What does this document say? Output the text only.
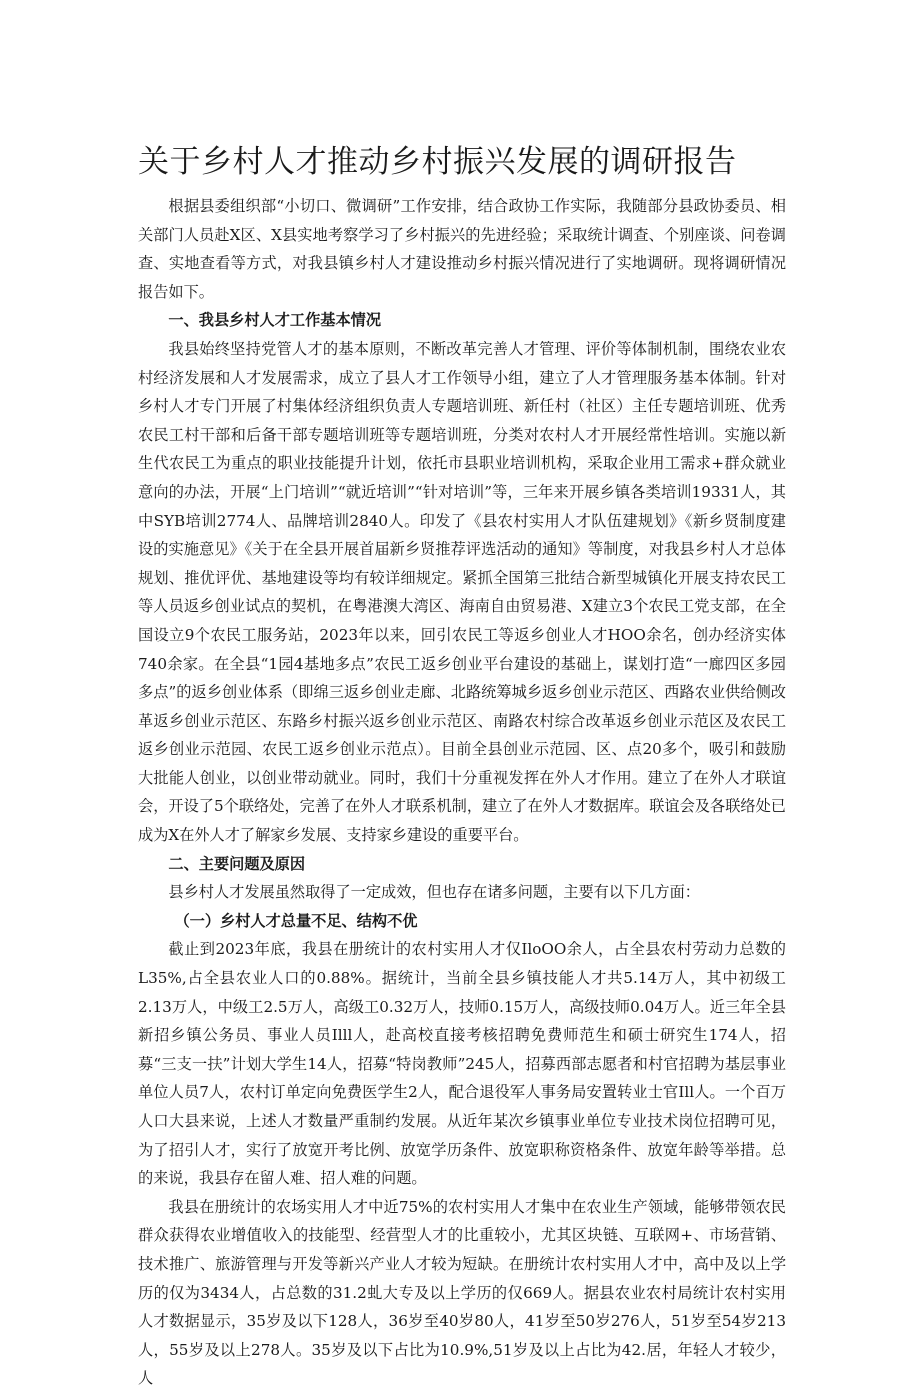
关于乡村人才推动乡村振兴发展的调研报告

根据县委组织部“小切口、微调研”工作安排，结合政协工作实际，我随部分县政协委员、相关部门人员赴X区、X县实地考察学习了乡村振兴的先进经验；采取统计调查、个别座谈、问卷调查、实地查看等方式，对我县镇乡村人才建设推动乡村振兴情况进行了实地调研。现将调研情况报告如下。

一、我县乡村人才工作基本情况

我县始终坚持党管人才的基本原则，不断改革完善人才管理、评价等体制机制，围绕农业农村经济发展和人才发展需求，成立了县人才工作领导小组，建立了人才管理服务基本体制。针对乡村人才专门开展了村集体经济组织负责人专题培训班、新任村（社区）主任专题培训班、优秀农民工村干部和后备干部专题培训班等专题培训班，分类对农村人才开展经常性培训。实施以新生代农民工为重点的职业技能提升计划，依托市县职业培训机构，采取企业用工需求+群众就业意向的办法，开展“上门培训”“就近培训”“针对培训”等，三年来开展乡镇各类培训19331人，其中SYB培训2774人、品牌培训2840人。印发了《县农村实用人才队伍建规划》《新乡贤制度建设的实施意见》《关于在全县开展首届新乡贤推荐评选活动的通知》等制度，对我县乡村人才总体规划、推优评优、基地建设等均有较详细规定。紧抓全国第三批结合新型城镇化开展支持农民工等人员返乡创业试点的契机，在粤港澳大湾区、海南自由贸易港、X建立3个农民工党支部，在全国设立9个农民工服务站，2023年以来，回引农民工等返乡创业人才HOO余名，创办经济实体740余家。在全县“1园4基地多点”农民工返乡创业平台建设的基础上，谋划打造“一廊四区多园多点”的返乡创业体系（即绵三返乡创业走廊、北路统筹城乡返乡创业示范区、西路农业供给侧改革返乡创业示范区、东路乡村振兴返乡创业示范区、南路农村综合改革返乡创业示范区及农民工返乡创业示范园、农民工返乡创业示范点）。目前全县创业示范园、区、点20多个，吸引和鼓励大批能人创业，以创业带动就业。同时，我们十分重视发挥在外人才作用。建立了在外人才联谊会，开设了5个联络处，完善了在外人才联系机制，建立了在外人才数据库。联谊会及各联络处已成为X在外人才了解家乡发展、支持家乡建设的重要平台。

二、主要问题及原因

县乡村人才发展虽然取得了一定成效，但也存在诸多问题，主要有以下几方面：

（一）乡村人才总量不足、结构不优

截止到2023年底，我县在册统计的农村实用人才仅IloOO余人，占全县农村劳动力总数的L35%,占全县农业人口的0.88%。据统计，当前全县乡镇技能人才共5.14万人，其中初级工2.13万人，中级工2.5万人，高级工0.32万人，技师0.15万人，高级技师0.04万人。近三年全县新招乡镇公务员、事业人员Illl人，赴高校直接考核招聘免费师范生和硕士研究生174人，招募“三支一扶”计划大学生14人，招募“特岗教师”245人，招募西部志愿者和村官招聘为基层事业单位人员7人，农村订单定向免费医学生2人，配合退役军人事务局安置转业士官Ill人。一个百万人口大县来说，上述人才数量严重制约发展。从近年某次乡镇事业单位专业技术岗位招聘可见，为了招引人才，实行了放宽开考比例、放宽学历条件、放宽职称资格条件、放宽年龄等举措。总的来说，我县存在留人难、招人难的问题。

我县在册统计的农场实用人才中近75%的农村实用人才集中在农业生产领域，能够带领农民群众获得农业增值收入的技能型、经营型人才的比重较小，尤其区块链、互联网+、市场营销、技术推广、旅游管理与开发等新兴产业人才较为短缺。在册统计农村实用人才中，高中及以上学历的仅为3434人，占总数的31.2虬大专及以上学历的仅669人。据县农业农村局统计农村实用人才数据显示，35岁及以下128人，36岁至40岁80人，41岁至50岁276人，51岁至54岁213人，55岁及以上278人。35岁及以下占比为10.9%,51岁及以上占比为42.居，年轻人才较少，人
